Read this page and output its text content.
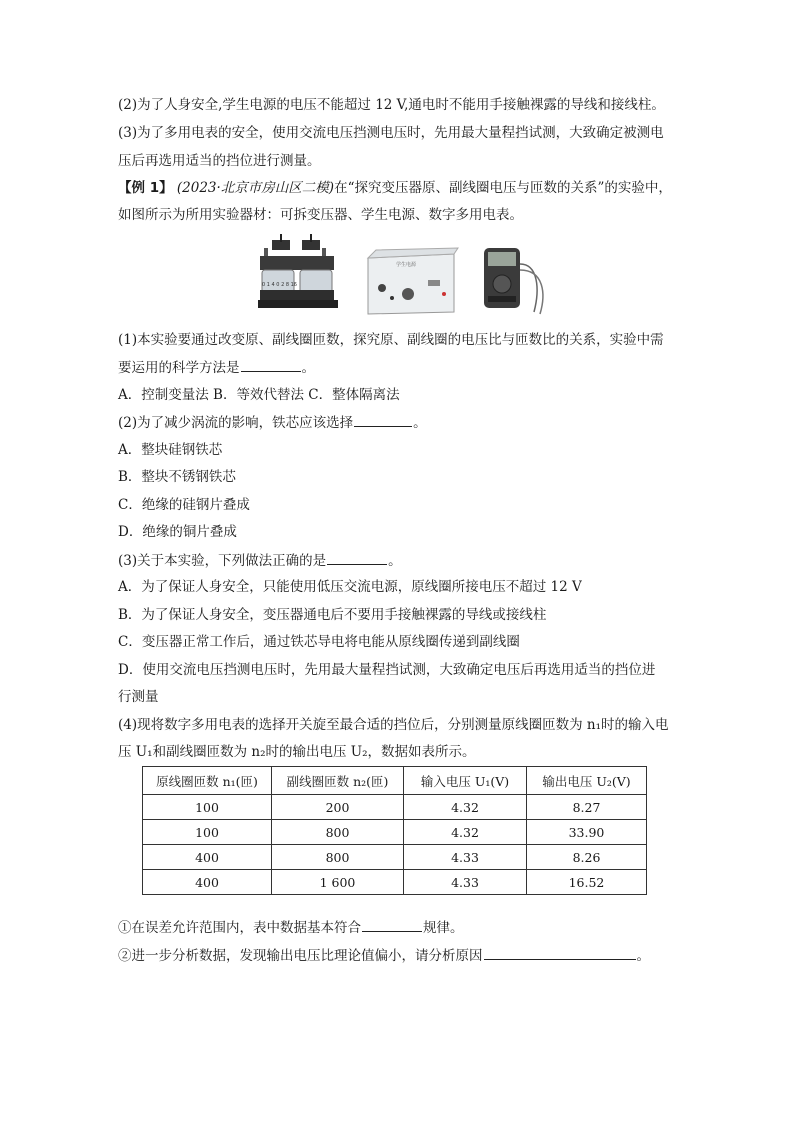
(2)为了人身安全,学生电源的电压不能超过 12 V,通电时不能用手接触裸露的导线和接线柱。
(3)为了多用电表的安全，使用交流电压挡测电压时，先用最大量程挡试测，大致确定被测电
压后再选用适当的挡位进行测量。
【例 1】 (2023·北京市房山区二模)在“探究变压器原、副线圈电压与匝数的关系”的实验中，
如图所示为所用实验器材：可拆变压器、学生电源、数字多用电表。
0 1 4 0 2 8 16
学生电源
(1)本实验要通过改变原、副线圈匝数，探究原、副线圈的电压比与匝数比的关系，实验中需
要运用的科学方法是	。
A．控制变量法 B．等效代替法 C．整体隔离法
(2)为了减少涡流的影响，铁芯应该选择	。
A．整块硅钢铁芯
B．整块不锈钢铁芯
C．绝缘的硅钢片叠成
D．绝缘的铜片叠成
(3)关于本实验，下列做法正确的是	。
A．为了保证人身安全，只能使用低压交流电源，原线圈所接电压不超过 12 V
B．为了保证人身安全，变压器通电后不要用手接触裸露的导线或接线柱
C．变压器正常工作后，通过铁芯导电将电能从原线圈传递到副线圈
D．使用交流电压挡测电压时，先用最大量程挡试测，大致确定电压后再选用适当的挡位进
行测量
(4)现将数字多用电表的选择开关旋至最合适的挡位后，分别测量原线圈匝数为 n₁时的输入电
压 U₁和副线圈匝数为 n₂时的输出电压 U₂，数据如表所示。
原线圈匝数 n₁(匝)	副线圈匝数 n₂(匝)	输入电压 U₁(V)	输出电压 U₂(V)
100	200	4.32	8.27
100	800	4.32	33.90
400	800	4.33	8.26
400	1 600	4.33	16.52
①在误差允许范围内，表中数据基本符合	规律。
②进一步分析数据，发现输出电压比理论值偏小，请分析原因	。
